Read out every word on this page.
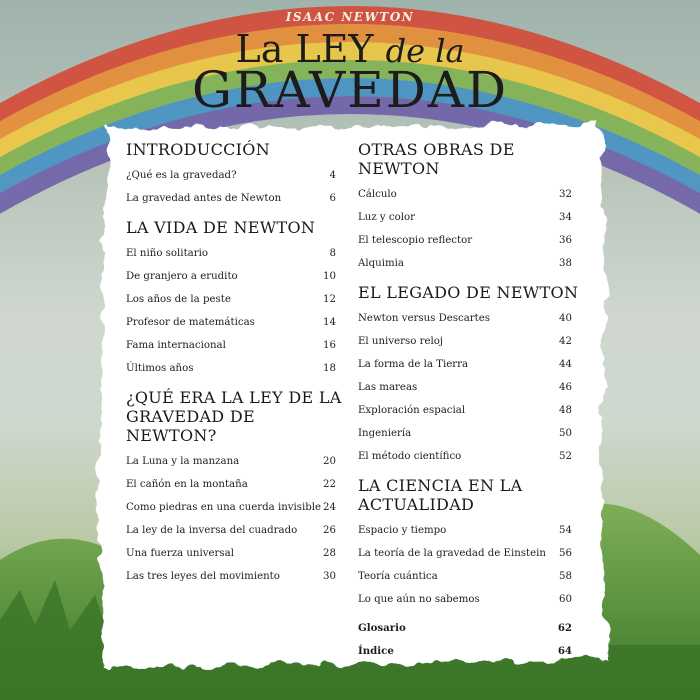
ISAAC NEWTON
La LEY de la
GRAVEDAD
INTRODUCCIÓN
¿Qué es la gravedad?	4
La gravedad antes de Newton	6
LA VIDA DE NEWTON
El niño solitario	8
De granjero a erudito	10
Los años de la peste	12
Profesor de matemáticas	14
Fama internacional	16
Últimos años	18
¿QUÉ ERA LA LEY DE LA
GRAVEDAD DE NEWTON?
La Luna y la manzana	20
El cañón en la montaña	22
Como piedras en una cuerda invisible 24
La ley de la inversa del cuadrado	26
Una fuerza universal	28
Las tres leyes del movimiento	30
OTRAS OBRAS DE NEWTON
Cálculo	32
Luz y color	34
El telescopio reflector	36
Alquimia	38
EL LEGADO DE NEWTON
Newton versus Descartes	40
El universo reloj	42
La forma de la Tierra	44
Las mareas	46
Exploración espacial	48
Ingeniería	50
El método científico	52
LA CIENCIA EN LA
ACTUALIDAD
Espacio y tiempo	54
La teoría de la gravedad de Einstein 56
Teoría cuántica	58
Lo que aún no sabemos	60
Glosario	62
Índice	64
